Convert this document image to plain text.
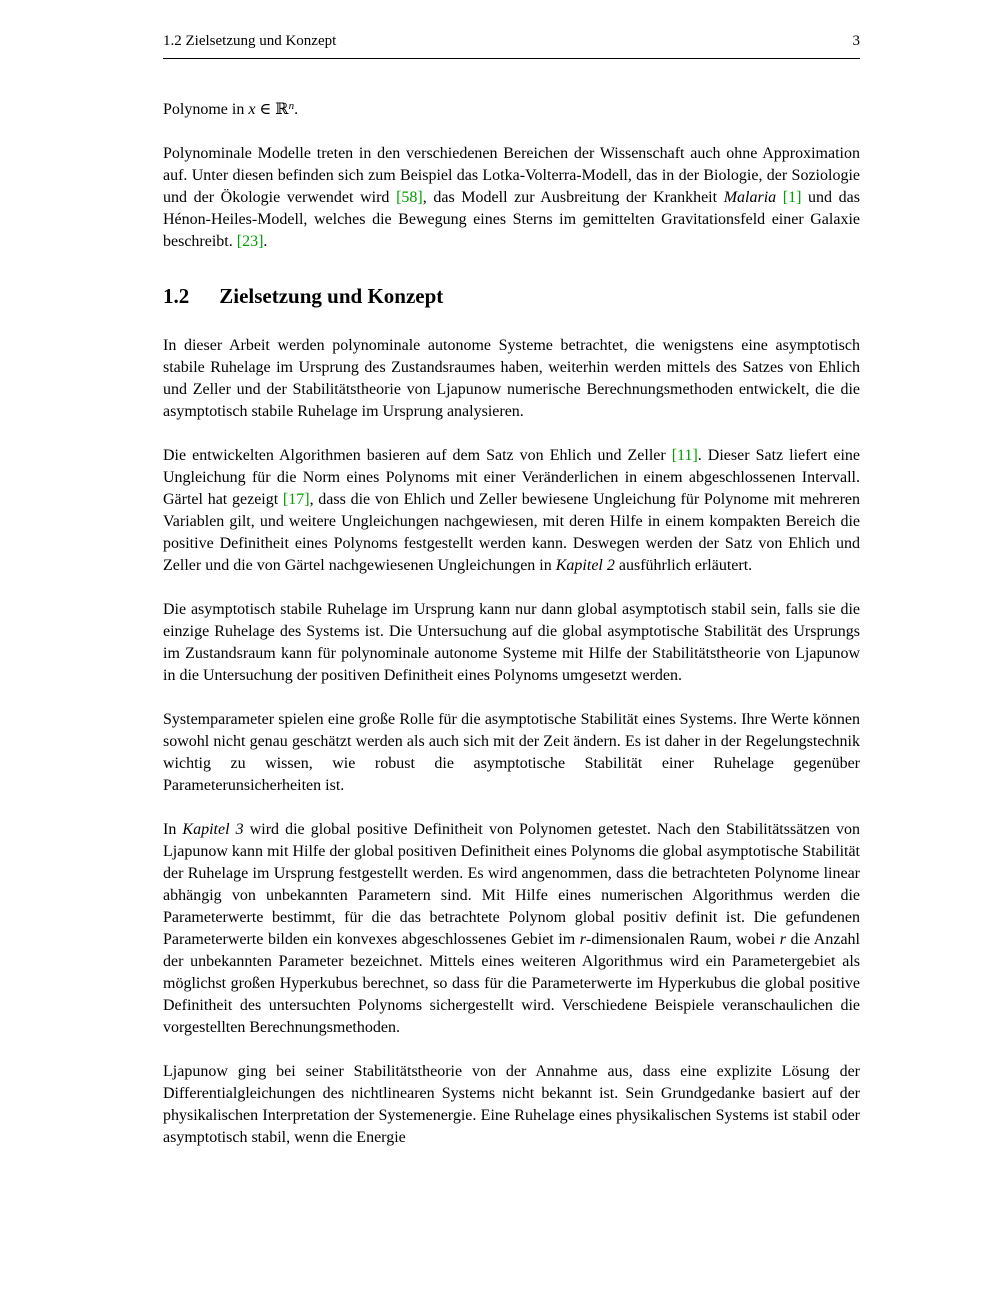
1.2 Zielsetzung und Konzept	3

Polynome in x ∈ ℝ$^n$.

Polynominale Modelle treten in den verschiedenen Bereichen der Wissenschaft auch ohne Approximation auf. Unter diesen befinden sich zum Beispiel das Lotka-Volterra-Modell, das in der Biologie, der Soziologie und der Ökologie verwendet wird [58], das Modell zur Ausbreitung der Krankheit Malaria [1] und das Hénon-Heiles-Modell, welches die Bewegung eines Sterns im gemittelten Gravitationsfeld einer Galaxie beschreibt. [23].

1.2 Zielsetzung und Konzept

In dieser Arbeit werden polynominale autonome Systeme betrachtet, die wenigstens eine asymptotisch stabile Ruhelage im Ursprung des Zustandsraumes haben, weiterhin werden mittels des Satzes von Ehlich und Zeller und der Stabilitätstheorie von Ljapunow numerische Berechnungsmethoden entwickelt, die die asymptotisch stabile Ruhelage im Ursprung analysieren.

Die entwickelten Algorithmen basieren auf dem Satz von Ehlich und Zeller [11]. Dieser Satz liefert eine Ungleichung für die Norm eines Polynoms mit einer Veränderlichen in einem abgeschlossenen Intervall. Gärtel hat gezeigt [17], dass die von Ehlich und Zeller bewiesene Ungleichung für Polynome mit mehreren Variablen gilt, und weitere Ungleichungen nachgewiesen, mit deren Hilfe in einem kompakten Bereich die positive Definitheit eines Polynoms festgestellt werden kann. Deswegen werden der Satz von Ehlich und Zeller und die von Gärtel nachgewiesenen Ungleichungen in Kapitel 2 ausführlich erläutert.

Die asymptotisch stabile Ruhelage im Ursprung kann nur dann global asymptotisch stabil sein, falls sie die einzige Ruhelage des Systems ist. Die Untersuchung auf die global asymptotische Stabilität des Ursprungs im Zustandsraum kann für polynominale autonome Systeme mit Hilfe der Stabilitätstheorie von Ljapunow in die Untersuchung der positiven Definitheit eines Polynoms umgesetzt werden.

Systemparameter spielen eine große Rolle für die asymptotische Stabilität eines Systems. Ihre Werte können sowohl nicht genau geschätzt werden als auch sich mit der Zeit ändern. Es ist daher in der Regelungstechnik wichtig zu wissen, wie robust die asymptotische Stabilität einer Ruhelage gegenüber Parameterunsicherheiten ist.

In Kapitel 3 wird die global positive Definitheit von Polynomen getestet. Nach den Stabilitätssätzen von Ljapunow kann mit Hilfe der global positiven Definitheit eines Polynoms die global asymptotische Stabilität der Ruhelage im Ursprung festgestellt werden. Es wird angenommen, dass die betrachteten Polynome linear abhängig von unbekannten Parametern sind. Mit Hilfe eines numerischen Algorithmus werden die Parameterwerte bestimmt, für die das betrachtete Polynom global positiv definit ist. Die gefundenen Parameterwerte bilden ein konvexes abgeschlossenes Gebiet im r-dimensionalen Raum, wobei r die Anzahl der unbekannten Parameter bezeichnet. Mittels eines weiteren Algorithmus wird ein Parametergebiet als möglichst großen Hyperkubus berechnet, so dass für die Parameterwerte im Hyperkubus die global positive Definitheit des untersuchten Polynoms sichergestellt wird. Verschiedene Beispiele veranschaulichen die vorgestellten Berechnungsmethoden.

Ljapunow ging bei seiner Stabilitätstheorie von der Annahme aus, dass eine explizite Lösung der Differentialgleichungen des nichtlinearen Systems nicht bekannt ist. Sein Grundgedanke basiert auf der physikalischen Interpretation der Systemenergie. Eine Ruhelage eines physikalischen Systems ist stabil oder asymptotisch stabil, wenn die Energie
